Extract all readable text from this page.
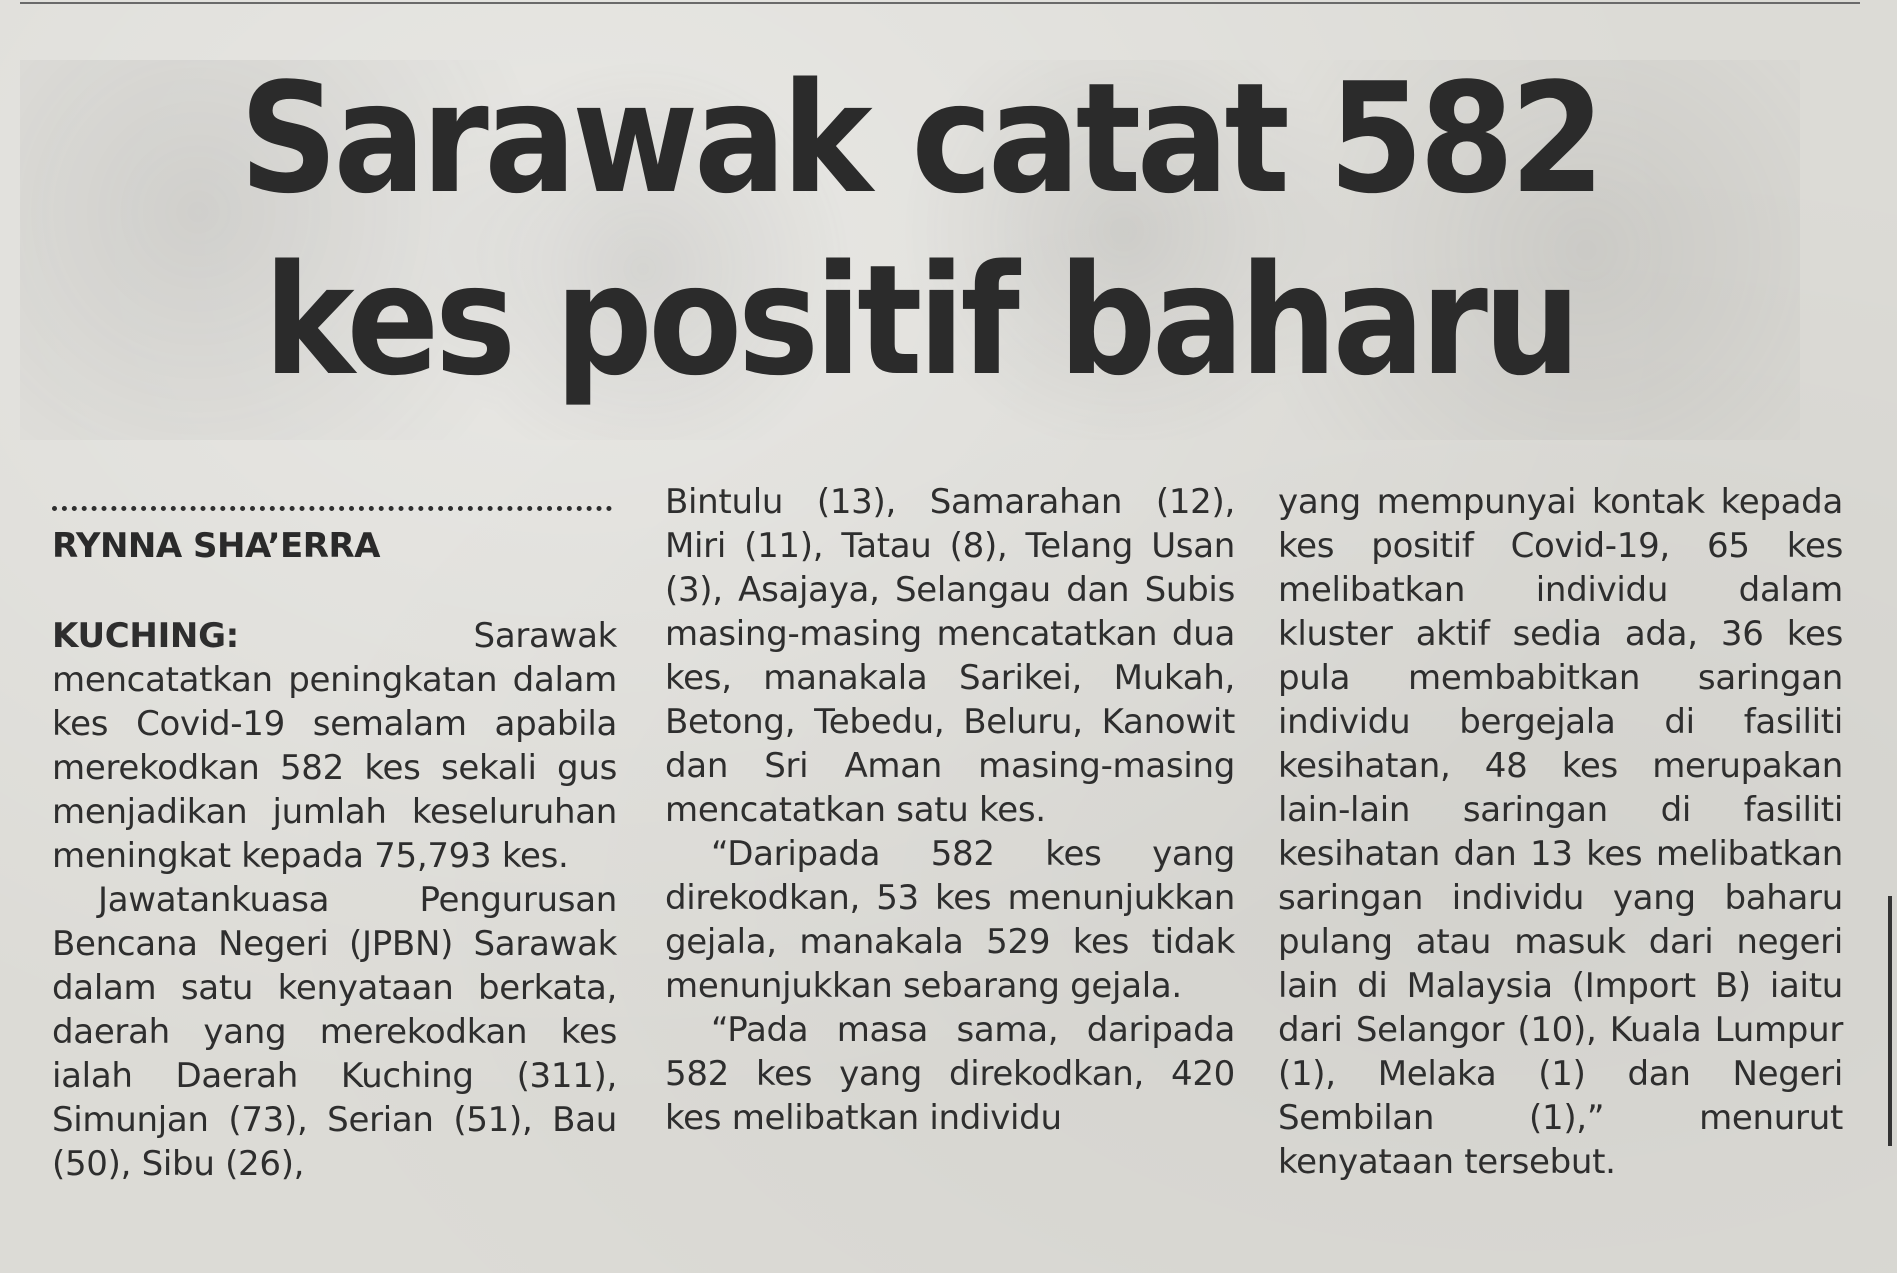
Sarawak catat 582 kes positif baharu
RYNNA SHA’ERRA

KUCHING:	Sarawak mencatatkan peningkatan dalam kes Covid-19 semalam apabila merekodkan 582 kes sekali gus menjadikan jumlah keseluruhan meningkat kepada 75,793 kes.

Jawatankuasa Pengurusan Bencana Negeri (JPBN) Sarawak dalam satu kenyataan berkata, daerah yang merekodkan kes ialah Daerah Kuching (311), Simunjan (73), Serian (51), Bau (50), Sibu (26),

Bintulu (13), Samarahan (12), Miri (11), Tatau (8), Telang Usan (3), Asajaya, Selangau dan Subis masing-masing mencatatkan dua kes, manakala Sarikei, Mukah, Betong, Tebedu, Beluru, Kanowit dan Sri Aman masing-masing mencatatkan satu kes.

“Daripada 582 kes yang direkodkan, 53 kes menunjukkan gejala, manakala 529 kes tidak menunjukkan sebarang gejala.

“Pada masa sama, daripada 582 kes yang direkodkan, 420 kes melibatkan individu

yang mempunyai kontak kepada kes positif Covid-19, 65 kes melibatkan individu dalam kluster aktif sedia ada, 36 kes pula membabitkan saringan individu bergejala di fasiliti kesihatan, 48 kes merupakan lain-lain saringan di fasiliti kesihatan dan 13 kes melibatkan saringan individu yang baharu pulang atau masuk dari negeri lain di Malaysia (Import B) iaitu dari Selangor (10), Kuala Lumpur (1), Melaka (1) dan Negeri Sembilan (1),” menurut kenyataan tersebut.
